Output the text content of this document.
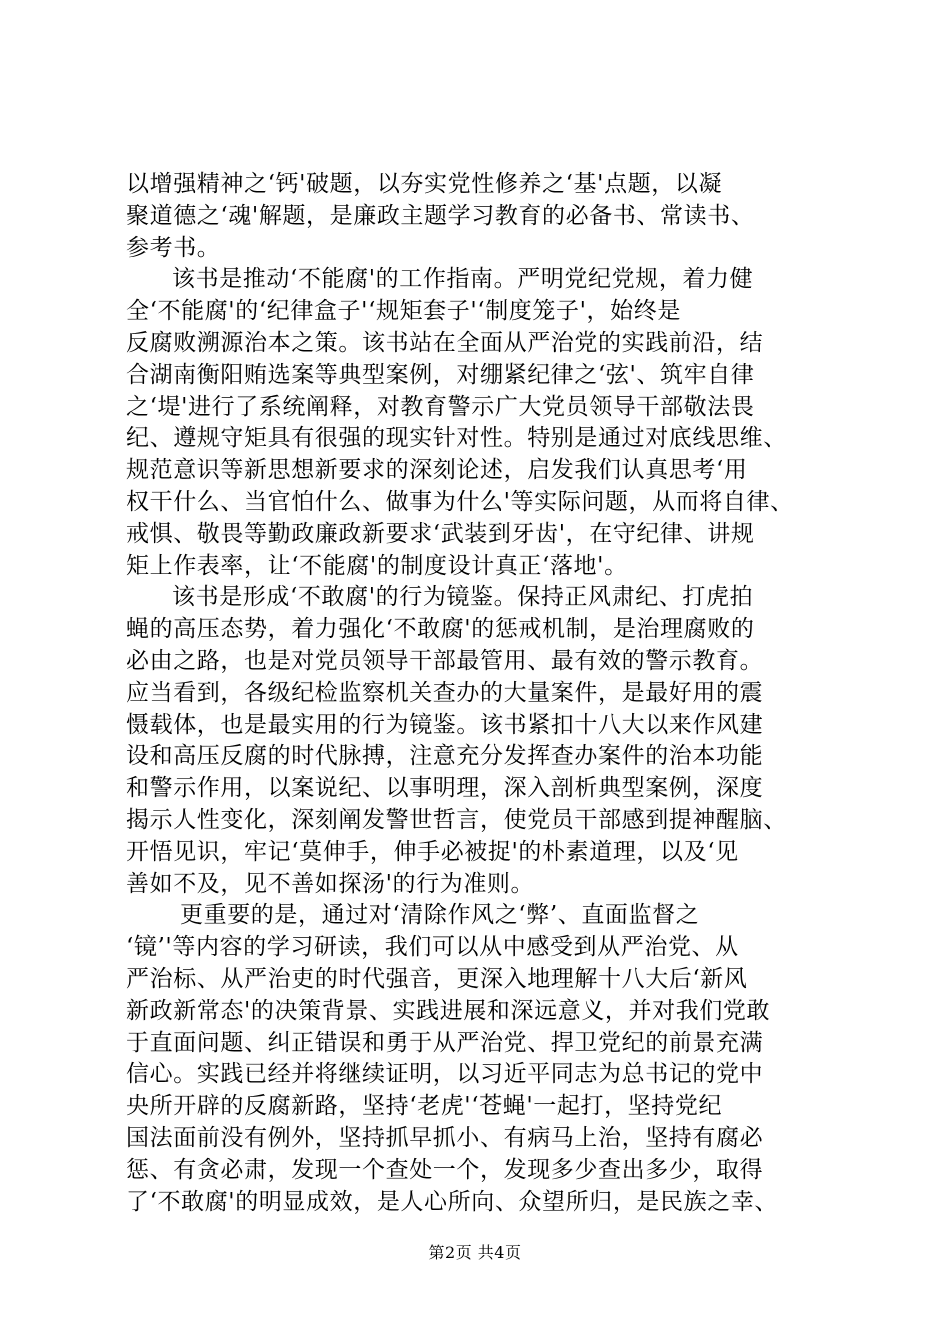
以增强精神之‘钙'破题，以夯实党性修养之‘基'点题，以凝
聚道德之‘魂'解题，是廉政主题学习教育的必备书、常读书、
参考书。
该书是推动‘不能腐'的工作指南。严明党纪党规，着力健
全‘不能腐'的‘纪律盒子'‘规矩套子'‘制度笼子'，始终是
反腐败溯源治本之策。该书站在全面从严治党的实践前沿，结
合湖南衡阳贿选案等典型案例，对绷紧纪律之‘弦'、筑牢自律
之‘堤'进行了系统阐释，对教育警示广大党员领导干部敬法畏
纪、遵规守矩具有很强的现实针对性。特别是通过对底线思维、
规范意识等新思想新要求的深刻论述，启发我们认真思考‘用
权干什么、当官怕什么、做事为什么'等实际问题，从而将自律、
戒惧、敬畏等勤政廉政新要求‘武装到牙齿'，在守纪律、讲规
矩上作表率，让‘不能腐'的制度设计真正‘落地'。
该书是形成‘不敢腐'的行为镜鉴。保持正风肃纪、打虎拍
蝇的高压态势，着力强化‘不敢腐'的惩戒机制，是治理腐败的
必由之路，也是对党员领导干部最管用、最有效的警示教育。
应当看到，各级纪检监察机关查办的大量案件，是最好用的震
慑载体，也是最实用的行为镜鉴。该书紧扣十八大以来作风建
设和高压反腐的时代脉搏，注意充分发挥查办案件的治本功能
和警示作用，以案说纪、以事明理，深入剖析典型案例，深度
揭示人性变化，深刻阐发警世哲言，使党员干部感到提神醒脑、
开悟见识，牢记‘莫伸手，伸手必被捉'的朴素道理，以及‘见
善如不及，见不善如探汤'的行为准则。
更重要的是，通过对‘清除作风之‘弊’、直面监督之
‘镜’'等内容的学习研读，我们可以从中感受到从严治党、从
严治标、从严治吏的时代强音，更深入地理解十八大后‘新风
新政新常态'的决策背景、实践进展和深远意义，并对我们党敢
于直面问题、纠正错误和勇于从严治党、捍卫党纪的前景充满
信心。实践已经并将继续证明，以习近平同志为总书记的党中
央所开辟的反腐新路，坚持‘老虎'‘苍蝇'一起打，坚持党纪
国法面前没有例外，坚持抓早抓小、有病马上治，坚持有腐必
惩、有贪必肃，发现一个查处一个，发现多少查出多少，取得
了‘不敢腐'的明显成效，是人心所向、众望所归，是民族之幸、
第2页 共4页
